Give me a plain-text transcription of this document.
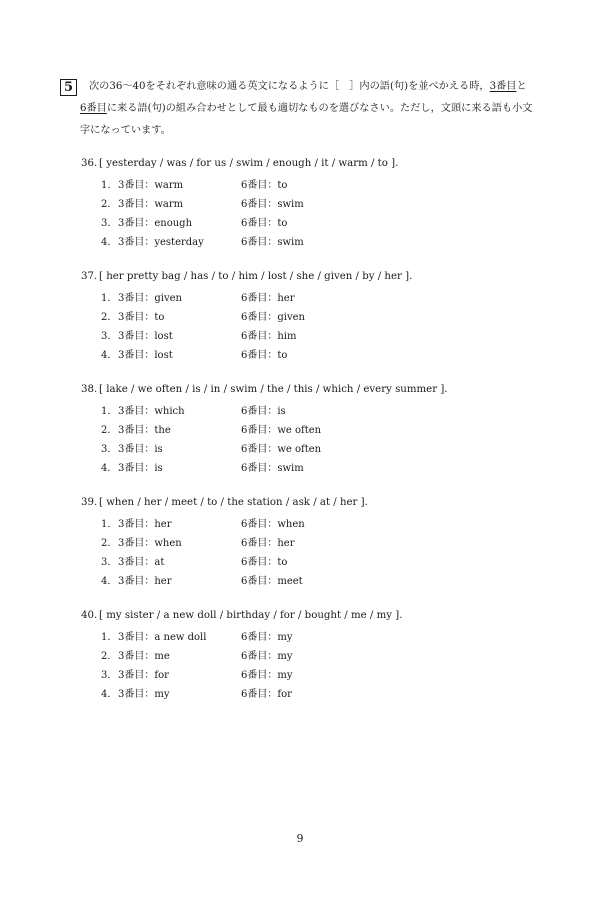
5	次の36～40をそれぞれ意味の通る英文になるように［　］内の語(句)を並べかえる時，3番目と
6番目に来る語(句)の組み合わせとして最も適切なものを選びなさい。ただし，文頭に来る語も小文
字になっています。
36. [ yesterday / was / for us / swim / enough / it / warm / to ].
1． 3番目：warm	6番目：to
2． 3番目：warm	6番目：swim
3． 3番目：enough	6番目：to
4． 3番目：yesterday	6番目：swim
37. [ her pretty bag / has / to / him / lost / she / given / by / her ].
1． 3番目：given	6番目：her
2． 3番目：to	6番目：given
3． 3番目：lost	6番目：him
4． 3番目：lost	6番目：to
38. [ lake / we often / is / in / swim / the / this / which / every summer ].
1． 3番目：which	6番目：is
2． 3番目：the	6番目：we often
3． 3番目：is	6番目：we often
4． 3番目：is	6番目：swim
39. [ when / her / meet / to / the station / ask / at / her ].
1． 3番目：her	6番目：when
2． 3番目：when	6番目：her
3． 3番目：at	6番目：to
4． 3番目：her	6番目：meet
40. [ my sister / a new doll / birthday / for / bought / me / my ].
1． 3番目：a new doll	6番目：my
2． 3番目：me	6番目：my
3． 3番目：for	6番目：my
4． 3番目：my	6番目：for
9
